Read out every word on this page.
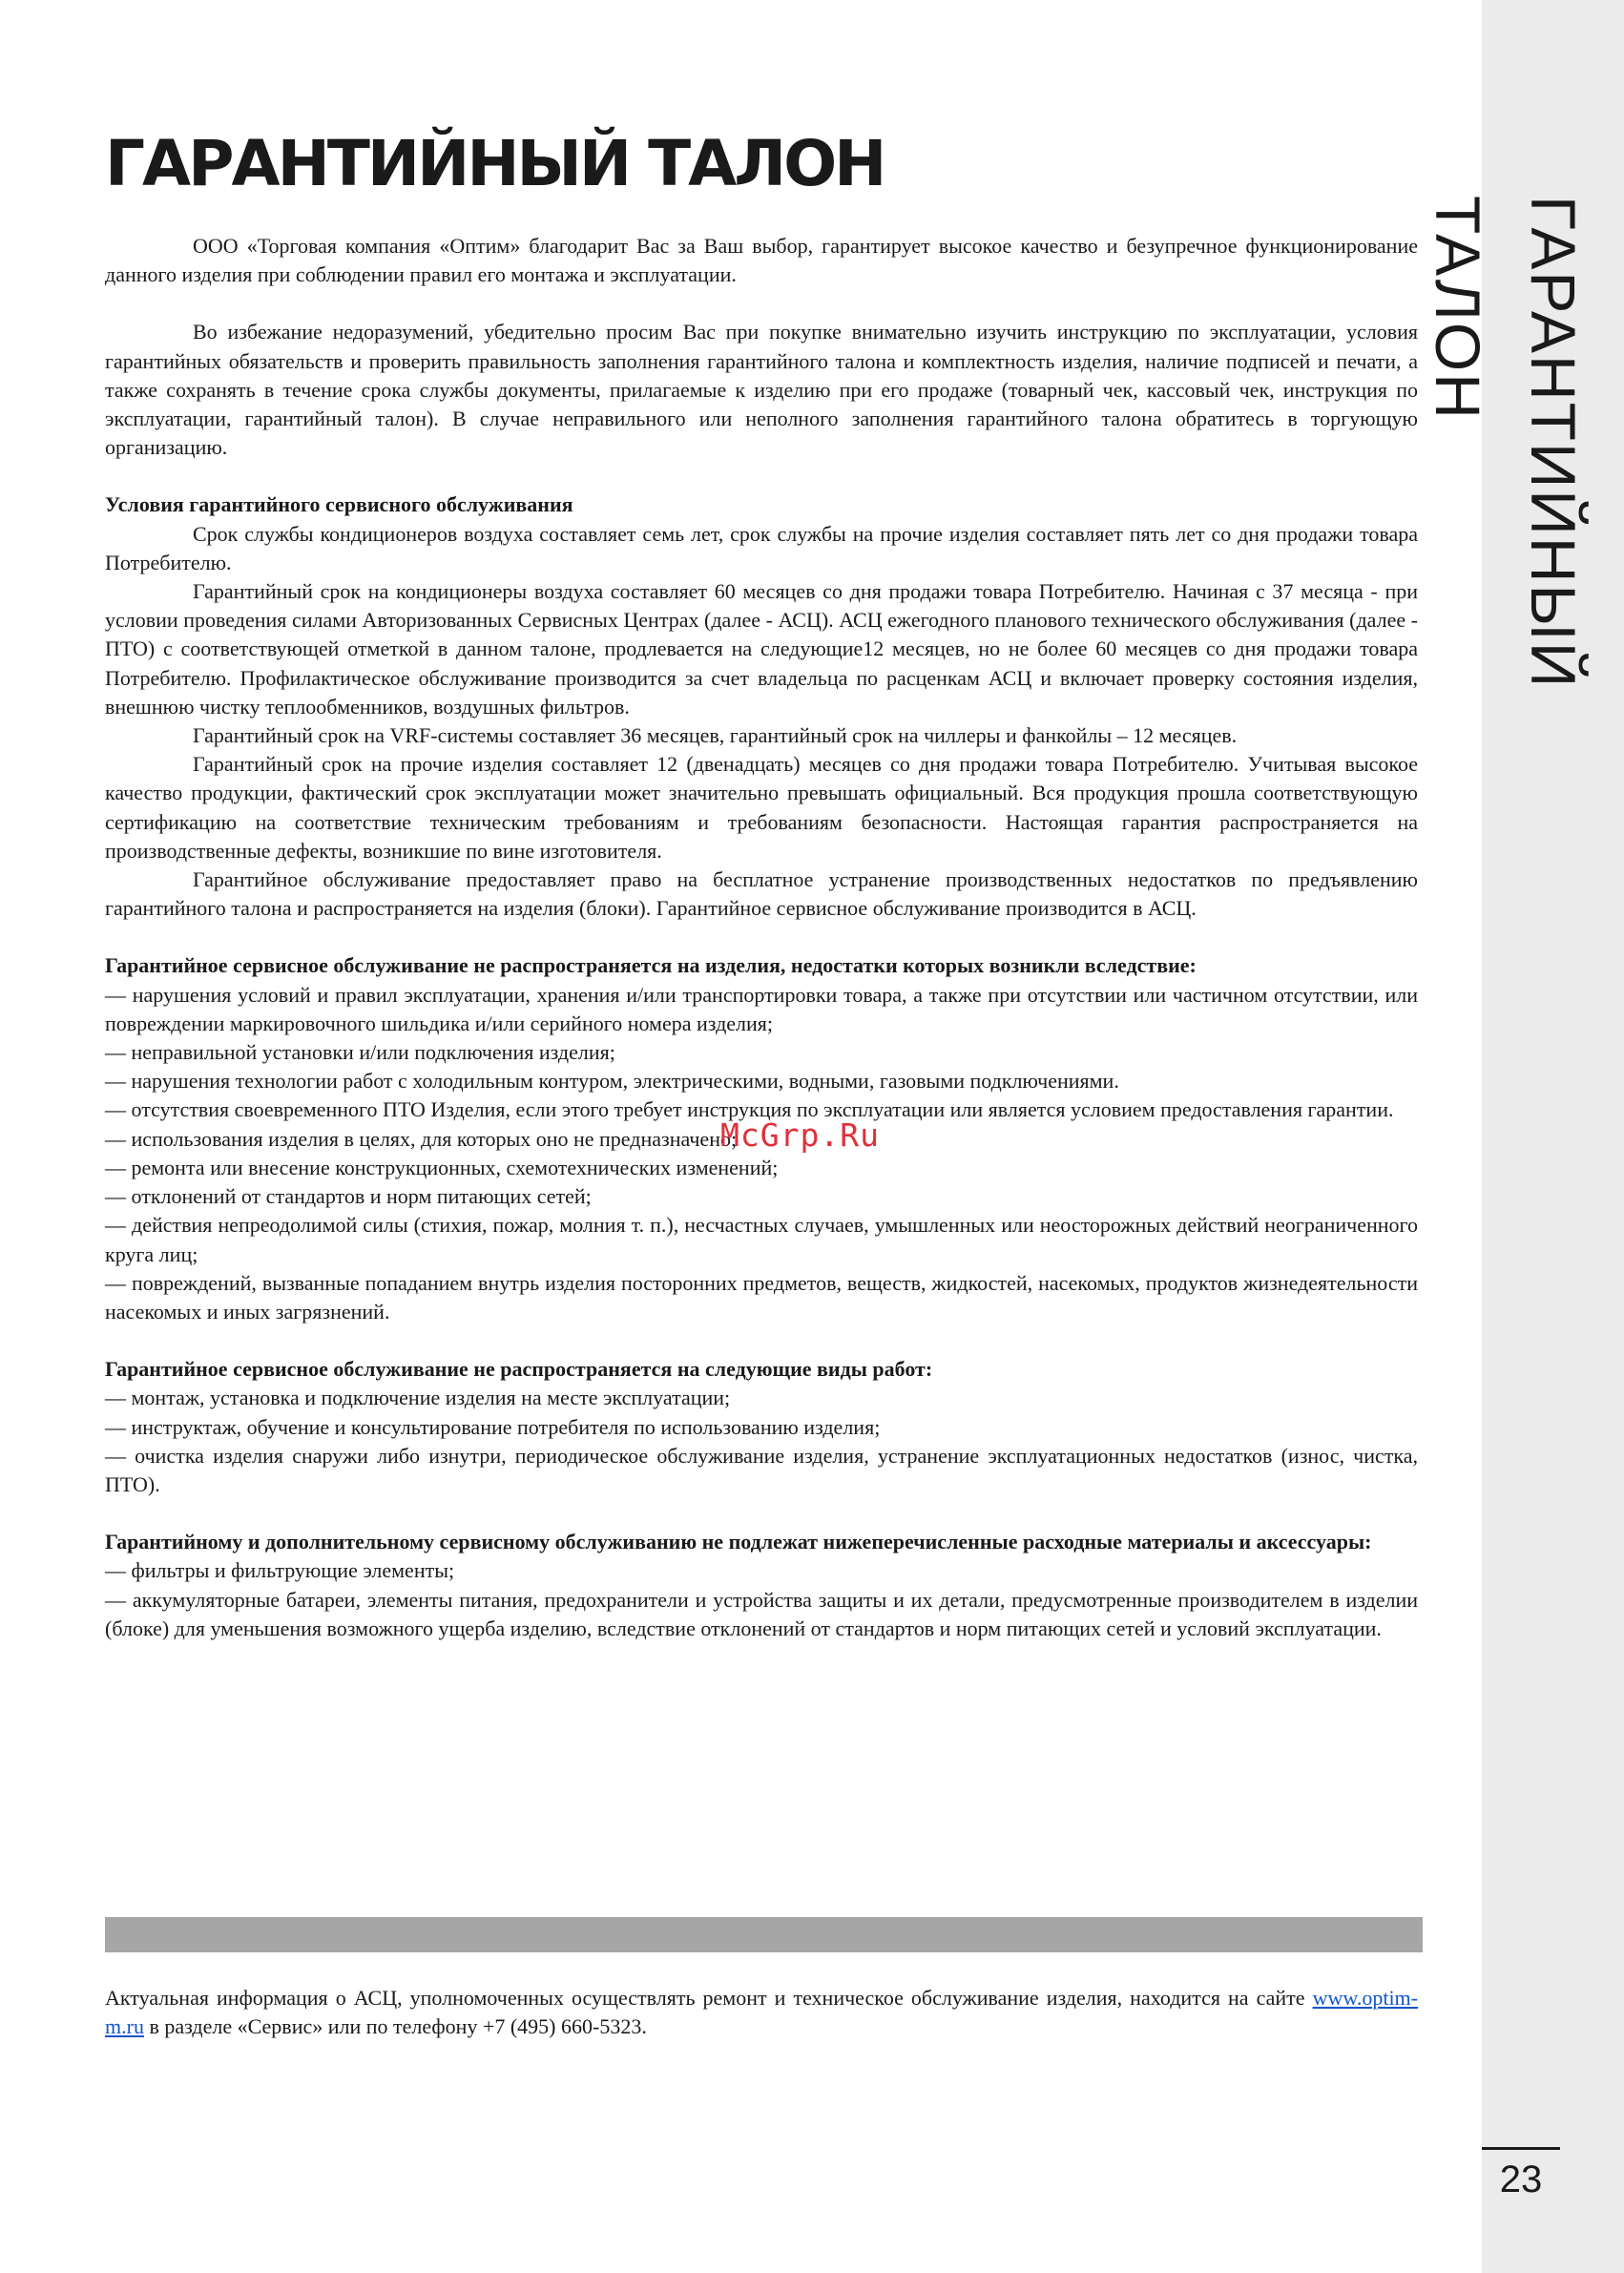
ГАРАНТИЙНЫЙ ТАЛОН
23
ГАРАНТИЙНЫЙ ТАЛОН

ООО «Торговая компания «Оптим» благодарит Вас за Ваш выбор, гарантирует высокое качество и безупречное функционирование данного изделия при соблюдении правил его монтажа и эксплуатации.

Во избежание недоразумений, убедительно просим Вас при покупке внимательно изучить инструкцию по эксплуатации, условия гарантийных обязательств и проверить правильность заполнения гарантийного талона и комплектность изделия, наличие подписей и печати, а также сохранять в течение срока службы документы, прилагаемые к изделию при его продаже (товарный чек, кассовый чек, инструкция по эксплуатации, гарантийный талон). В случае неправильного или неполного заполнения гарантийного талона обратитесь в торгующую организацию.

Условия гарантийного сервисного обслуживания

Срок службы кондиционеров воздуха составляет семь лет, срок службы на прочие изделия составляет пять лет со дня продажи товара Потребителю.

Гарантийный срок на кондиционеры воздуха составляет 60 месяцев со дня продажи товара Потребителю. Начиная с 37 месяца - при условии проведения силами Авторизованных Сервисных Центрах (далее - АСЦ). АСЦ ежегодного планового технического обслуживания (далее - ПТО) с соответствующей отметкой в данном талоне, продлевается на следующие12 месяцев, но не более 60 месяцев со дня продажи товара Потребителю. Профилактическое обслуживание производится за счет владельца по расценкам АСЦ и включает проверку состояния изделия, внешнюю чистку теплообменников, воздушных фильтров.

Гарантийный срок на VRF-системы составляет 36 месяцев, гарантийный срок на чиллеры и фанкойлы – 12 месяцев.

Гарантийный срок на прочие изделия составляет 12 (двенадцать) месяцев со дня продажи товара Потребителю. Учитывая высокое качество продукции, фактический срок эксплуатации может значительно превышать официальный. Вся продукция прошла соответствующую сертификацию на соответствие техническим требованиям и требованиям безопасности. Настоящая гарантия распространяется на производственные дефекты, возникшие по вине изготовителя.

Гарантийное обслуживание предоставляет право на бесплатное устранение производственных недостатков по предъявлению гарантийного талона и распространяется на изделия (блоки). Гарантийное сервисное обслуживание производится в АСЦ.

Гарантийное сервисное обслуживание не распространяется на изделия, недостатки которых возникли вследствие:

— нарушения условий и правил эксплуатации, хранения и/или транспортировки товара, а также при отсутствии или частичном отсутствии, или повреждении маркировочного шильдика и/или серийного номера изделия;

— неправильной установки и/или подключения изделия;

— нарушения технологии работ с холодильным контуром, электрическими, водными, газовыми подключениями.

— отсутствия своевременного ПТО Изделия, если этого требует инструкция по эксплуатации или является условием предоставления гарантии.

— использования изделия в целях, для которых оно не предназначено;

— ремонта или внесение конструкционных, схемотехнических изменений;

— отклонений от стандартов и норм питающих сетей;

— действия непреодолимой силы (стихия, пожар, молния т. п.), несчастных случаев, умышленных или неосторожных действий неограниченного круга лиц;

— повреждений, вызванные попаданием внутрь изделия посторонних предметов, веществ, жидкостей, насекомых, продуктов жизнедеятельности насекомых и иных загрязнений.

Гарантийное сервисное обслуживание не распространяется на следующие виды работ:

— монтаж, установка и подключение изделия на месте эксплуатации;

— инструктаж, обучение и консультирование потребителя по использованию изделия;

— очистка изделия снаружи либо изнутри, периодическое обслуживание изделия, устранение эксплуатационных недостатков (износ, чистка, ПТО).

Гарантийному и дополнительному сервисному обслуживанию не подлежат нижеперечисленные расходные материалы и аксессуары:

— фильтры и фильтрующие элементы;

— аккумуляторные батареи, элементы питания, предохранители и устройства защиты и их детали, предусмотренные производителем в изделии (блоке) для уменьшения возможного ущерба изделию, вследствие отклонений от стандартов и норм питающих сетей и условий эксплуатации.

McGrp.Ru

Актуальная информация о АСЦ, уполномоченных осуществлять ремонт и техническое обслуживание изделия, находится на сайте www.optim-m.ru в разделе «Сервис» или по телефону +7 (495) 660-5323.
